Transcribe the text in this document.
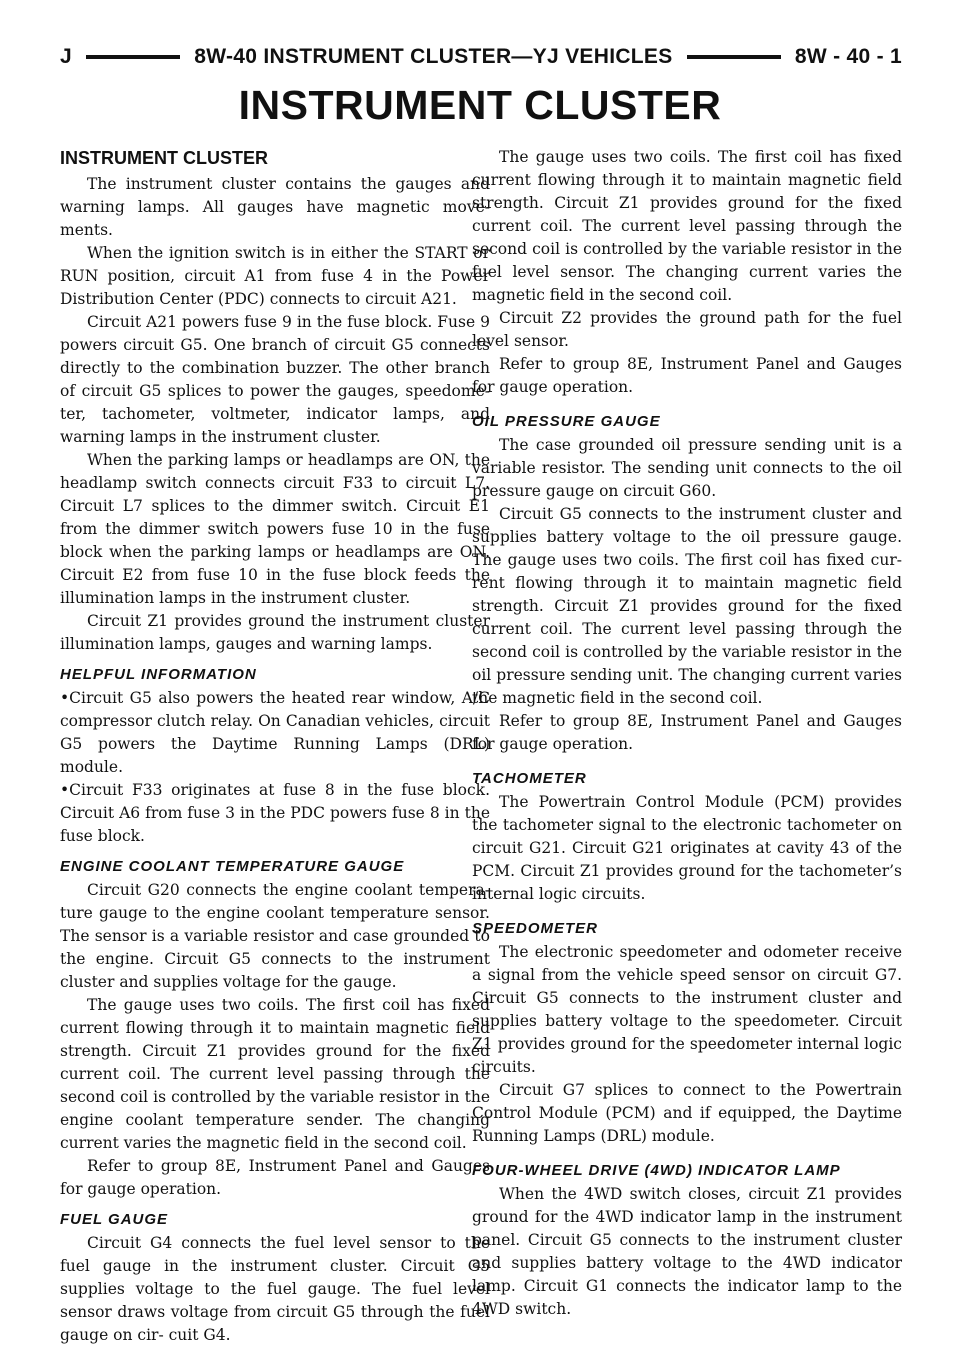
J	8W-40 INSTRUMENT CLUSTER—YJ VEHICLES	8W - 40 - 1
INSTRUMENT CLUSTER
INSTRUMENT CLUSTER

The instrument cluster contains the gauges and warning lamps. All gauges have magnetic move- ments.

When the ignition switch is in either the START or RUN position, circuit A1 from fuse 4 in the Power Distribution Center (PDC) connects to circuit A21.

Circuit A21 powers fuse 9 in the fuse block. Fuse 9 powers circuit G5. One branch of circuit G5 connects directly to the combination buzzer. The other branch of circuit G5 splices to power the gauges, speedome- ter, tachometer, voltmeter, indicator lamps, and warning lamps in the instrument cluster.

When the parking lamps or headlamps are ON, the headlamp switch connects circuit F33 to circuit L7. Circuit L7 splices to the dimmer switch. Circuit E1 from the dimmer switch powers fuse 10 in the fuse block when the parking lamps or headlamps are ON. Circuit E2 from fuse 10 in the fuse block feeds the illumination lamps in the instrument cluster.

Circuit Z1 provides ground the instrument cluster illumination lamps, gauges and warning lamps.

HELPFUL INFORMATION

•Circuit G5 also powers the heated rear window, A/C compressor clutch relay. On Canadian vehicles, circuit G5 powers the Daytime Running Lamps (DRL) module.

•Circuit F33 originates at fuse 8 in the fuse block. Circuit A6 from fuse 3 in the PDC powers fuse 8 in the fuse block.

ENGINE COOLANT TEMPERATURE GAUGE

Circuit G20 connects the engine coolant tempera- ture gauge to the engine coolant temperature sensor. The sensor is a variable resistor and case grounded to the engine. Circuit G5 connects to the instrument cluster and supplies voltage for the gauge.

The gauge uses two coils. The first coil has fixed current flowing through it to maintain magnetic field strength. Circuit Z1 provides ground for the fixed current coil. The current level passing through the second coil is controlled by the variable resistor in the engine coolant temperature sender. The changing current varies the magnetic field in the second coil.

Refer to group 8E, Instrument Panel and Gauges for gauge operation.

FUEL GAUGE

Circuit G4 connects the fuel level sensor to the fuel gauge in the instrument cluster. Circuit G5 supplies voltage to the fuel gauge. The fuel level sensor draws voltage from circuit G5 through the fuel gauge on cir- cuit G4.

The gauge uses two coils. The first coil has fixed current flowing through it to maintain magnetic field strength. Circuit Z1 provides ground for the fixed current coil. The current level passing through the second coil is controlled by the variable resistor in the fuel level sensor. The changing current varies the magnetic field in the second coil.

Circuit Z2 provides the ground path for the fuel level sensor.

Refer to group 8E, Instrument Panel and Gauges for gauge operation.

OIL PRESSURE GAUGE

The case grounded oil pressure sending unit is a variable resistor. The sending unit connects to the oil pressure gauge on circuit G60.

Circuit G5 connects to the instrument cluster and supplies battery voltage to the oil pressure gauge. The gauge uses two coils. The first coil has fixed cur- rent flowing through it to maintain magnetic field strength. Circuit Z1 provides ground for the fixed current coil. The current level passing through the second coil is controlled by the variable resistor in the oil pressure sending unit. The changing current varies the magnetic field in the second coil.

Refer to group 8E, Instrument Panel and Gauges for gauge operation.

TACHOMETER

The Powertrain Control Module (PCM) provides the tachometer signal to the electronic tachometer on circuit G21. Circuit G21 originates at cavity 43 of the PCM. Circuit Z1 provides ground for the tachometer’s internal logic circuits.

SPEEDOMETER

The electronic speedometer and odometer receive a signal from the vehicle speed sensor on circuit G7. Circuit G5 connects to the instrument cluster and supplies battery voltage to the speedometer. Circuit Z1 provides ground for the speedometer internal logic circuits.

Circuit G7 splices to connect to the Powertrain Control Module (PCM) and if equipped, the Daytime Running Lamps (DRL) module.

FOUR-WHEEL DRIVE (4WD) INDICATOR LAMP

When the 4WD switch closes, circuit Z1 provides ground for the 4WD indicator lamp in the instrument panel. Circuit G5 connects to the instrument cluster and supplies battery voltage to the 4WD indicator lamp. Circuit G1 connects the indicator lamp to the 4WD switch.
